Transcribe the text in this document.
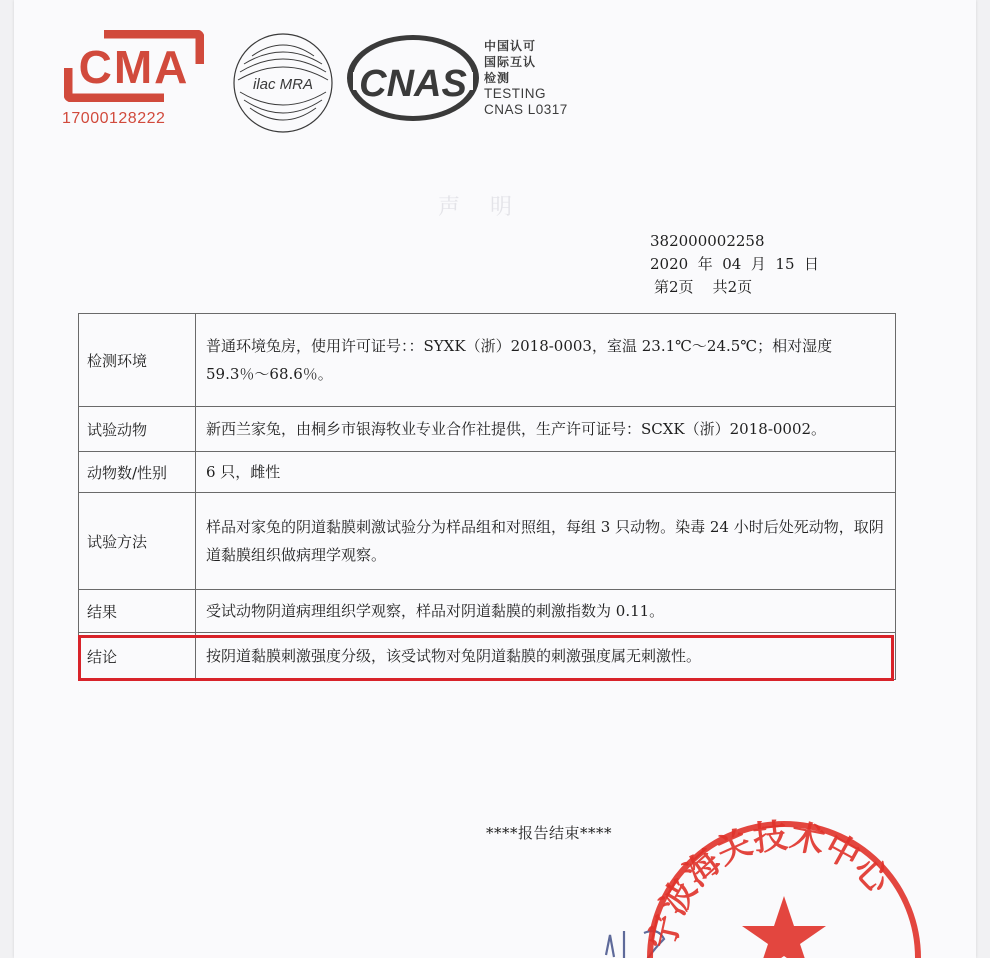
声明
CMA
17000128222
ilac MRA CNAS
中国认可
国际互认
检测
TESTING
CNAS L0317
382000002258
2020  年  04  月  15  日
第2页    共2页
检测环境	普通环境兔房，使用许可证号：：SYXK（浙）2018-0003，室温 23.1℃～24.5℃；相对湿度 59.3％～68.6％。
试验动物	新西兰家兔，由桐乡市银海牧业专业合作社提供，生产许可证号：SCXK（浙）2018-0002。
动物数/性别	6 只，雌性
试验方法	样品对家兔的阴道黏膜刺激试验分为样品组和对照组，每组 3 只动物。染毒 24 小时后处死动物，取阴道黏膜组织做病理学观察。
结果	受试动物阴道病理组织学观察，样品对阴道黏膜的刺激指数为 0.11。
结论	按阴道黏膜刺激强度分级，该受试物对兔阴道黏膜的刺激强度属无刺激性。
****报告结束****
宁波海关技术中心
